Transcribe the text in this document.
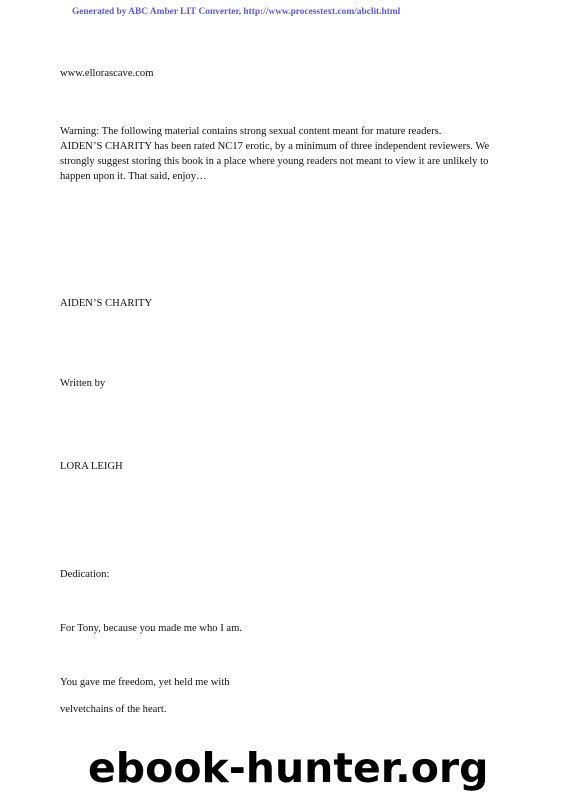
Generated by ABC Amber LIT Converter, http://www.processtext.com/abclit.html
www.ellorascave.com
Warning: The following material contains strong sexual content meant for mature readers.
AIDEN’S CHARITY has been rated NC17 erotic, by a minimum of three independent reviewers. We
strongly suggest storing this book in a place where young readers not meant to view it are unlikely to
happen upon it. That said, enjoy…
AIDEN’S CHARITY
Written by
LORA LEIGH
Dedication:
For Tony, because you made me who I am.
You gave me freedom, yet held me with
velvetchains of the heart.
ebook-hunter.org
